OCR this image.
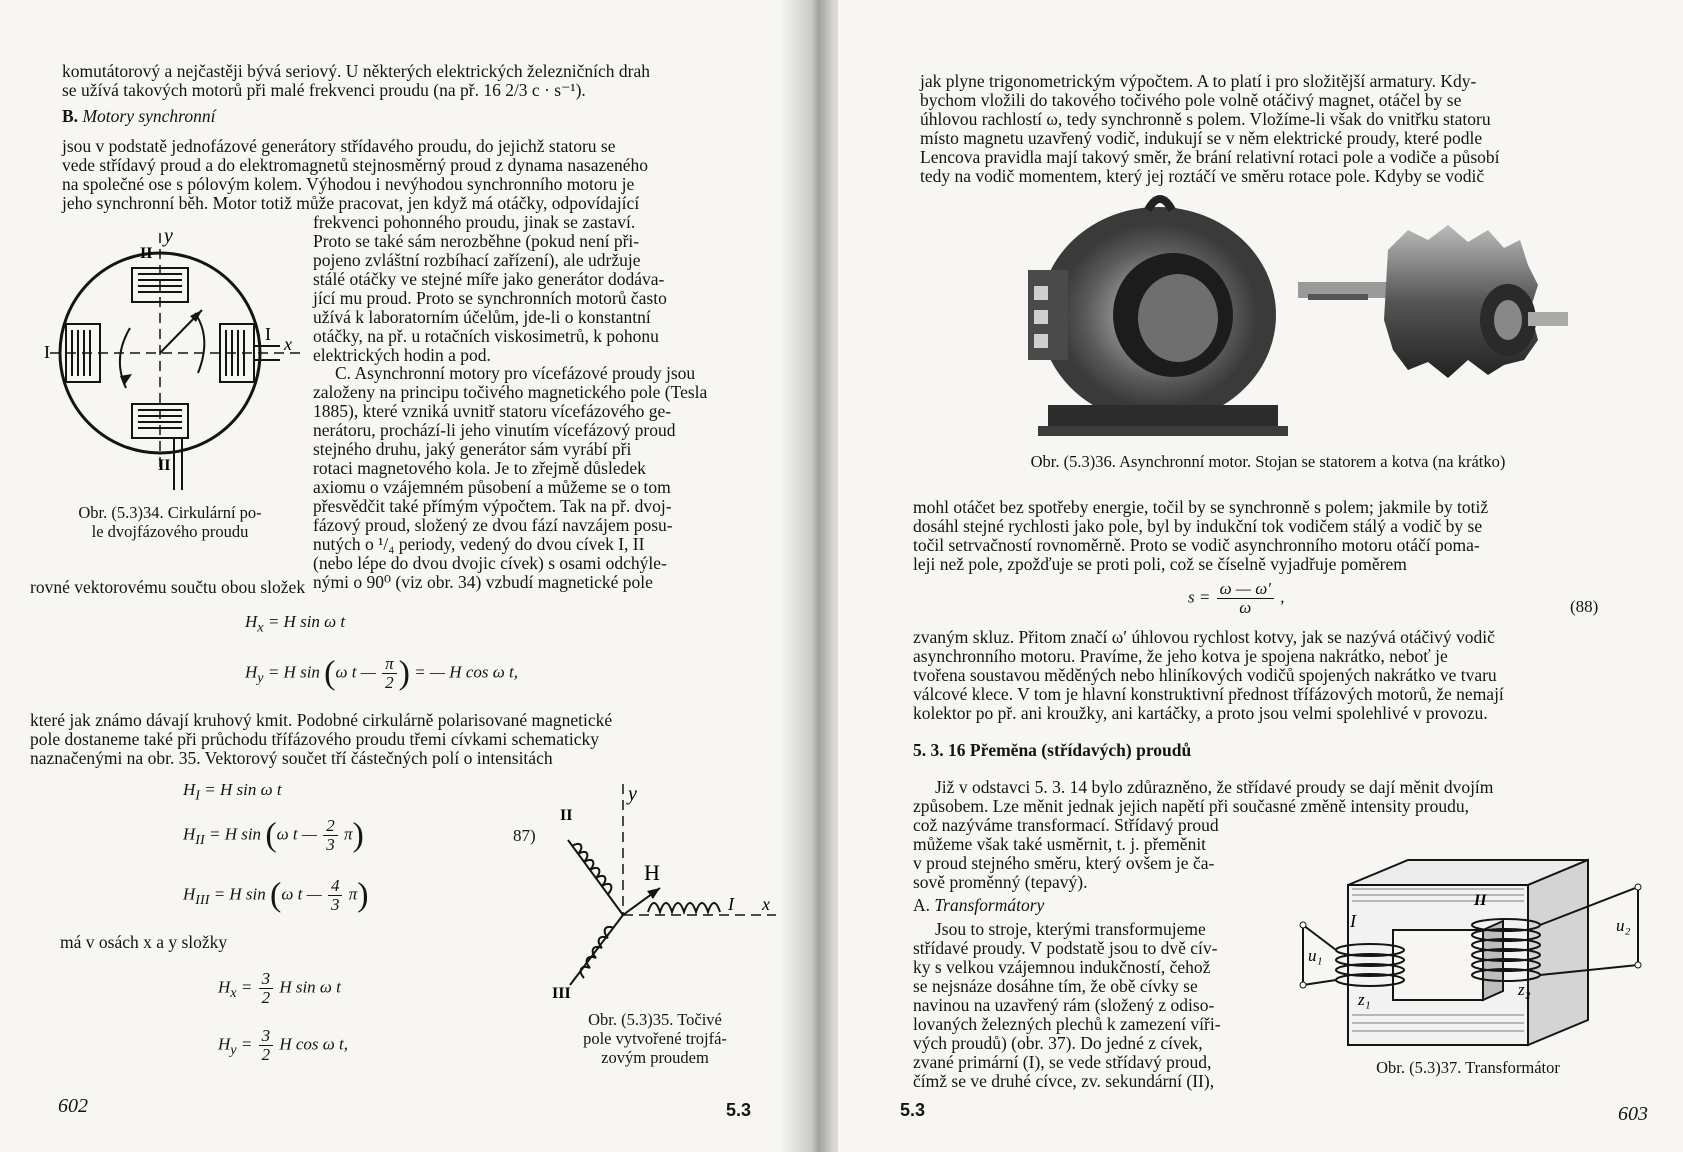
komutátorový a nejčastěji bývá seriový. U některých elektrických železničních drah

se užívá takových motorů při malé frekvenci proudu (na př. 16 2/3 c · s⁻¹).

B. Motory synchronní

jsou v podstatě jednofázové generátory střídavého proudu, do jejichž statoru se

vede střídavý proud a do elektromagnetů stejnosměrný proud z dynama nasazeného

na společné ose s pólovým kolem. Výhodou i nevýhodou synchronního motoru je

jeho synchronní běh. Motor totiž může pracovat, jen když má otáčky, odpovídající

frekvenci pohonného proudu, jinak se zastaví.

Proto se také sám nerozběhne (pokud není při-

pojeno zvláštní rozbíhací zařízení), ale udržuje

stálé otáčky ve stejné míře jako generátor dodáva-

jící mu proud. Proto se synchronních motorů často

užívá k laboratorním účelům, jde-li o konstantní

otáčky, na př. u rotačních viskosimetrů, k pohonu

elektrických hodin a pod.

C. Asynchronní motory pro vícefázové proudy jsou

založeny na principu točivého magnetického pole (Tesla

1885), které vzniká uvnitř statoru vícefázového ge-

nerátoru, prochází-li jeho vinutím vícefázový proud

stejného druhu, jaký generátor sám vyrábí při

rotaci magnetového kola. Je to zřejmě důsledek

axiomu o vzájemném působení a můžeme se o tom

přesvědčit také přímým výpočtem. Tak na př. dvoj-

fázový proud, složený ze dvou fází navzájem posu-

nutých o ¹/₄ periody, vedený do dvou cívek I, II

(nebo lépe do dvou dvojic cívek) s osami odchýle-

nými o 90⁰ (viz obr. 34) vzbudí magnetické pole

rovné vektorovému součtu obou složek

y
x
I
I
II
II
Obr. (5.3)34. Cirkulární po-
le dvojfázového proudu
$H_x = H$ sin ω t
$H_y = H$ sin (ω t — $\frac{\pi}{2}$ ) = — H cos ω t,

které jak známo dávají kruhový kmit. Podobné cirkulárně polarisované magnetické

pole dostaneme také při průchodu třífázového proudu třemi cívkami schematicky

naznačenými na obr. 35. Vektorový součet tří částečných polí o intensitách

$H_I = H$ sin ω t
$H_{II} = H$ sin (ω t — $\frac{2}{3} \pi$)
$H_{III} = H$ sin (ω t — $\frac{4}{3} \pi$)
87)

má v osách x a y složky

$H_x = \frac{3}{2}$ H sin ω t
$H_y = \frac{3}{2}$ H cos ω t,
y
x
II
III
I
H
Obr. (5.3)35. Točivé
pole vytvořené trojfá-
zovým proudem
602	5.3

jak plyne trigonometrickým výpočtem. A to platí i pro složitější armatury. Kdy-

bychom vložili do takového točivého pole volně otáčivý magnet, otáčel by se

úhlovou rachlostí ω, tedy synchronně s polem. Vložíme-li však do vnitřku statoru

místo magnetu uzavřený vodič, indukují se v něm elektrické proudy, které podle

Lencova pravidla mají takový směr, že brání relativní rotaci pole a vodiče a působí

tedy na vodič momentem, který jej roztáčí ve směru rotace pole. Kdyby se vodič

Obr. (5.3)36. Asynchronní motor. Stojan se statorem a kotva (na krátko)

mohl otáčet bez spotřeby energie, točil by se synchronně s polem; jakmile by totiž

dosáhl stejné rychlosti jako pole, byl by indukční tok vodičem stálý a vodič by se

točil setrvačností rovnoměrně. Proto se vodič asynchronního motoru otáčí poma-

leji než pole, zpožďuje se proti poli, což se číselně vyjadřuje poměrem

$s = \frac{\omega — \omega'}{\omega}$ ,
(88)

zvaným skluz. Přitom značí ω′ úhlovou rychlost kotvy, jak se nazývá otáčivý vodič

asynchronního motoru. Pravíme, že jeho kotva je spojena nakrátko, neboť je

tvořena soustavou měděných nebo hliníkových vodičů spojených nakrátko ve tvaru

válcové klece. V tom je hlavní konstruktivní přednost třífázových motorů, že nemají

kolektor po př. ani kroužky, ani kartáčky, a proto jsou velmi spolehlivé v provozu.

5. 3. 16 Přeměna (střídavých) proudů

Již v odstavci 5. 3. 14 bylo zdůrazněno, že střídavé proudy se dají měnit dvojím

způsobem. Lze měnit jednak jejich napětí při současné změně intensity proudu,

což nazýváme transformací. Střídavý proud

můžeme však také usměrnit, t. j. přeměnit

v proud stejného směru, který ovšem je ča-

sově proměnný (tepavý).

A. Transformátory

Jsou to stroje, kterými transformujeme

střídavé proudy. V podstatě jsou to dvě cív-

ky s velkou vzájemnou indukčností, čehož

se nejsnáze dosáhne tím, že obě cívky se

navinou na uzavřený rám (složený z odiso-

lovaných železných plechů k zamezení víři-

vých proudů) (obr. 37). Do jedné z cívek,

zvané primární (I), se vede střídavý proud,

čímž se ve druhé cívce, zv. sekundární (II),

I
II
u₁
u₂
z₁
z₂
Obr. (5.3)37. Transformátor
5.3	603
